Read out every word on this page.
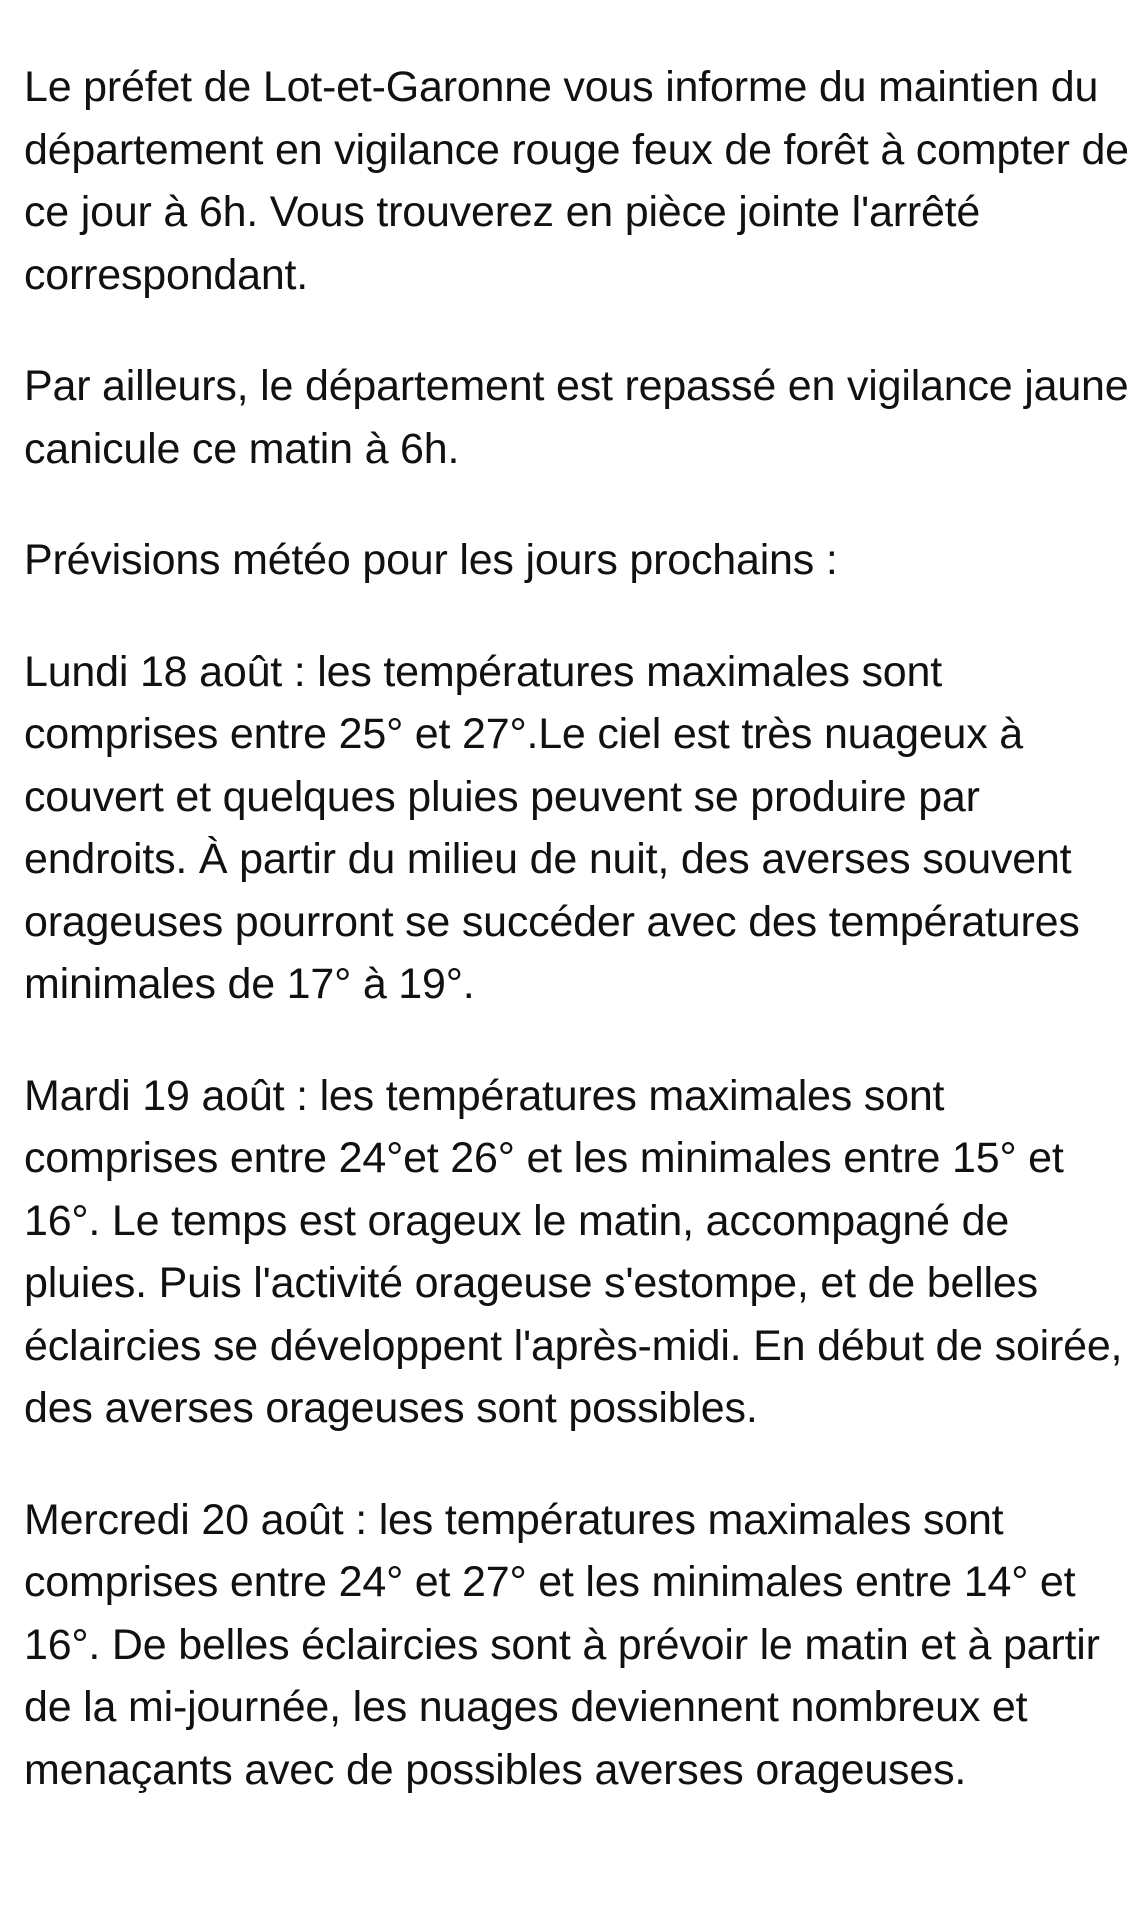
Le préfet de Lot-et-Garonne vous informe du maintien du département en vigilance rouge feux de forêt à compter de ce jour à 6h. Vous trouverez en pièce jointe l'arrêté correspondant.

Par ailleurs, le département est repassé en vigilance jaune canicule ce matin à 6h.

Prévisions météo pour les jours prochains :

Lundi 18 août : les températures maximales sont comprises entre 25° et 27°.Le ciel est très nuageux à couvert et quelques pluies peuvent se produire par endroits. À partir du milieu de nuit, des averses souvent orageuses pourront se succéder avec des températures minimales de 17° à 19°.

Mardi 19 août : les températures maximales sont comprises entre 24°et 26° et les minimales entre 15° et 16°. Le temps est orageux le matin, accompagné de pluies. Puis l'activité orageuse s'estompe, et de belles éclaircies se développent l'après-midi. En début de soirée, des averses orageuses sont possibles.

Mercredi 20 août : les températures maximales sont comprises entre 24° et 27° et les minimales entre 14° et 16°. De belles éclaircies sont à prévoir le matin et à partir de la mi-journée, les nuages deviennent nombreux et menaçants avec de possibles averses orageuses.
